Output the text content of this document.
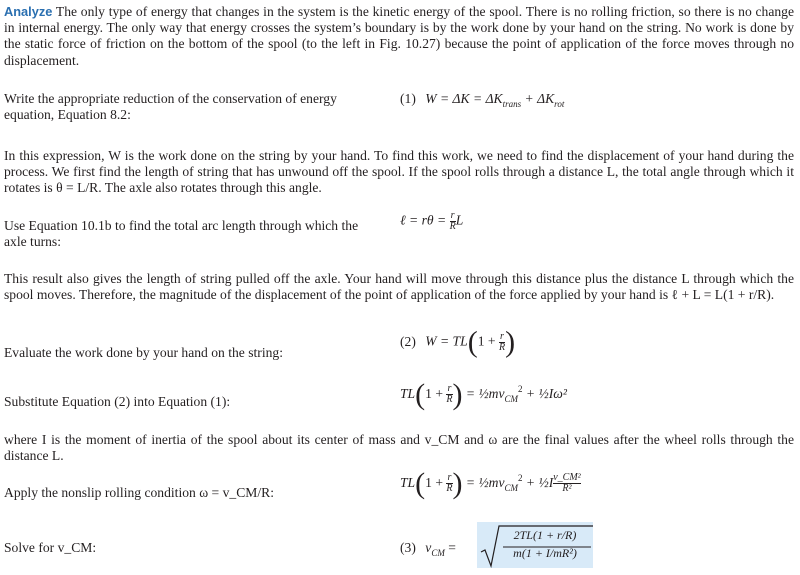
Analyze The only type of energy that changes in the system is the kinetic energy of the spool. There is no rolling friction, so there is no change in internal energy. The only way that energy crosses the system’s boundary is by the work done by your hand on the string. No work is done by the static force of friction on the bottom of the spool (to the left in Fig. 10.27) because the point of application of the force moves through no displacement.
Write the appropriate reduction of the conservation of energy equation, Equation 8.2:
(1) $W = \Delta K = \Delta K_{trans} + \Delta K_{rot}$
In this expression, W is the work done on the string by your hand. To find this work, we need to find the displacement of your hand during the process. We first find the length of string that has unwound off the spool. If the spool rolls through a distance L, the total angle through which it rotates is θ = L/R. The axle also rotates through this angle.
Use Equation 10.1b to find the total arc length through which the axle turns:
ℓ = $r\theta = \frac{r}{R}$ L
This result also gives the length of string pulled off the axle. Your hand will move through this distance plus the distance L through which the spool moves. Therefore, the magnitude of the displacement of the point of application of the force applied by your hand is ℓ + L = L(1 + r/R).
Evaluate the work done by your hand on the string:
(2) $W = TL(1 + \frac{r}{R}$ )
Substitute Equation (2) into Equation (1):
$TL(1 + \frac{r}{R}$ ) = $\frac{1}{2}mv_{CM}^2$ + ½Iω²
where I is the moment of inertia of the spool about its center of mass and v_CM and ω are the final values after the wheel rolls through the distance L.
Apply the nonslip rolling condition ω = v_CM/R:
$TL(1 + \frac{r}{R}$ ) = $\frac{1}{2}mv_{CM}^2$ + ½I $\frac{\text{v\_CM²}}{\text{R²}}$
Solve for v_CM:	(3) $v_{CM}$ =
2TL(1 + r/R)
m(1 + I/mR²)
